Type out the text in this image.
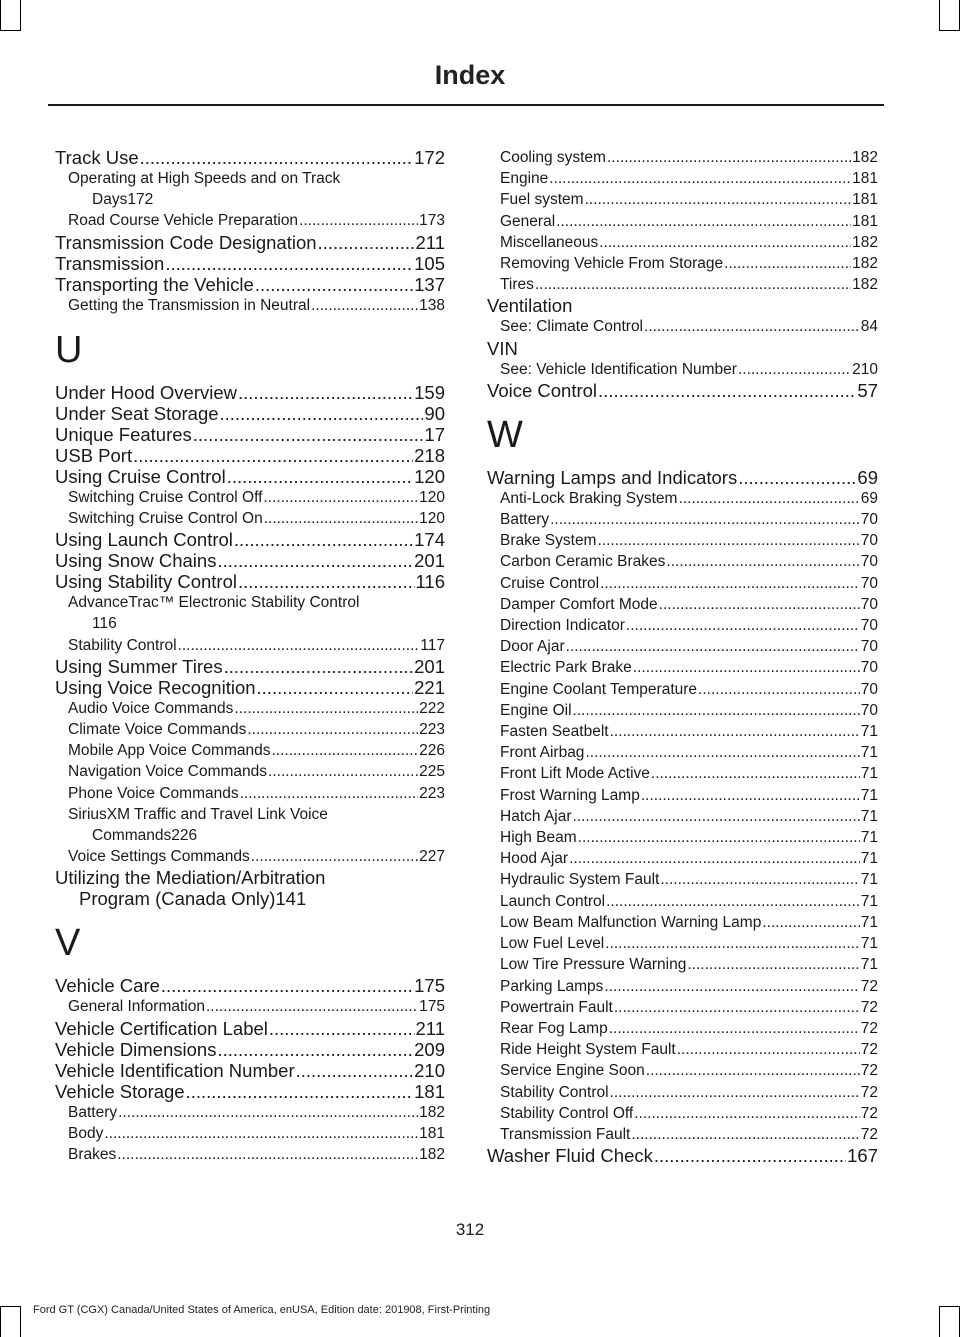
Index
Track Use .....	172
Operating at High Speeds and on Track
Days 172
Road Course Vehicle Preparation .....	173
Transmission Code Designation .....	211
Transmission .....	105
Transporting the Vehicle .....	137
Getting the Transmission in Neutral .....	138
U
Under Hood Overview .....	159
Under Seat Storage .....	90
Unique Features .....	17
USB Port .....	218
Using Cruise Control .....	120
Switching Cruise Control Off .....	120
Switching Cruise Control On .....	120
Using Launch Control .....	174
Using Snow Chains .....	201
Using Stability Control .....	116
AdvanceTrac™ Electronic Stability Control
116
Stability Control .....	117
Using Summer Tires .....	201
Using Voice Recognition .....	221
Audio Voice Commands .....	222
Climate Voice Commands .....	223
Mobile App Voice Commands .....	226
Navigation Voice Commands .....	225
Phone Voice Commands .....	223
SiriusXM Traffic and Travel Link Voice
Commands 226
Voice Settings Commands .....	227
Utilizing the Mediation/Arbitration
Program (Canada Only) 141
V
Vehicle Care .....	175
General Information .....	175
Vehicle Certification Label .....	211
Vehicle Dimensions .....	209
Vehicle Identification Number .....	210
Vehicle Storage .....	181
Battery .....	182
Body .....	181
Brakes .....	182
Cooling system .....	182
Engine .....	181
Fuel system .....	181
General .....	181
Miscellaneous .....	182
Removing Vehicle From Storage .....	182
Tires .....	182
Ventilation
See: Climate Control .....	84
VIN
See: Vehicle Identification Number .....	210
Voice Control .....	57
W
Warning Lamps and Indicators .....	69
Anti-Lock Braking System .....	69
Battery .....	70
Brake System .....	70
Carbon Ceramic Brakes .....	70
Cruise Control .....	70
Damper Comfort Mode .....	70
Direction Indicator .....	70
Door Ajar .....	70
Electric Park Brake .....	70
Engine Coolant Temperature .....	70
Engine Oil .....	70
Fasten Seatbelt .....	71
Front Airbag .....	71
Front Lift Mode Active .....	71
Frost Warning Lamp .....	71
Hatch Ajar .....	71
High Beam .....	71
Hood Ajar .....	71
Hydraulic System Fault .....	71
Launch Control .....	71
Low Beam Malfunction Warning Lamp .....	71
Low Fuel Level .....	71
Low Tire Pressure Warning .....	71
Parking Lamps .....	72
Powertrain Fault .....	72
Rear Fog Lamp .....	72
Ride Height System Fault .....	72
Service Engine Soon .....	72
Stability Control .....	72
Stability Control Off .....	72
Transmission Fault .....	72
Washer Fluid Check .....	167
312
Ford GT (CGX) Canada/United States of America, enUSA, Edition date: 201908, First-Printing
